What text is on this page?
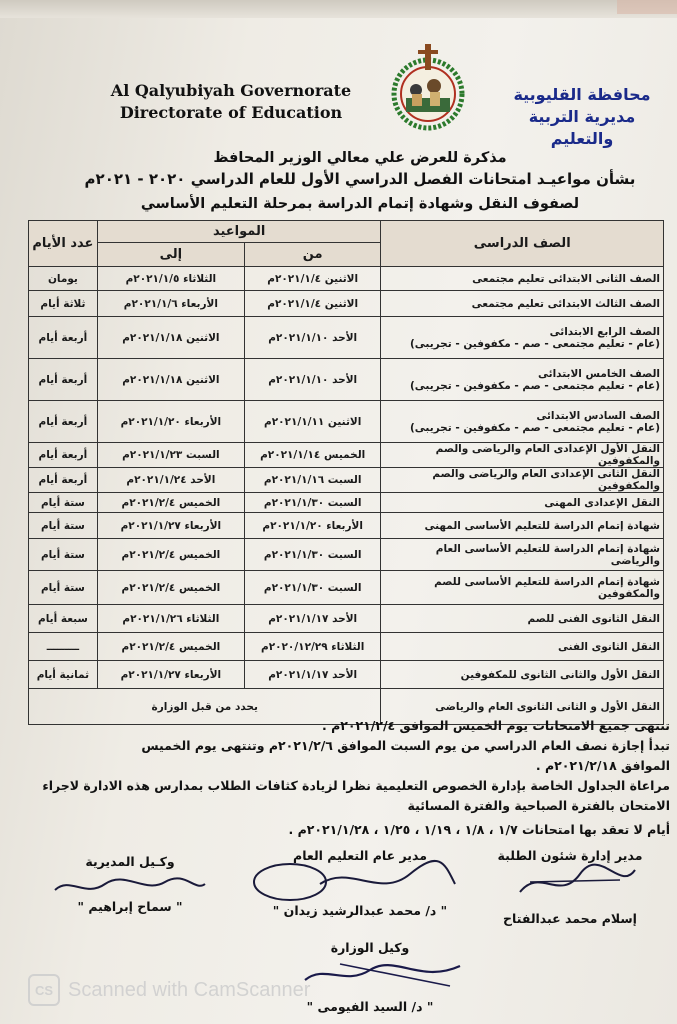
Al Qalyubiyah Governorate
Directorate of Education
محافظة القليوبية
مديرية التربية والتعليم
مذكرة للعرض علي معالي الوزير المحافظ
بشأن مواعيـد امتحانات الفصل الدراسي الأول للعام الدراسي ٢٠٢٠ - ٢٠٢١م
لصفوف النقل وشهادة إتمام الدراسة بمرحلة التعليم الأساسي
الصف الدراسى	المواعيد		عدد الأيام
	من	إلى	
الصف الثانى الابتدائى تعليم مجتمعى	الاثنين ٢٠٢١/١/٤م	الثلاثاء ٢٠٢١/١/٥م	يومان
الصف الثالث الابتدائى تعليم مجتمعى	الاثنين ٢٠٢١/١/٤م	الأربعاء ٢٠٢١/١/٦م	ثلاثة أيام

الصف الرابع الابتدائى
(عام - تعليم مجتمعى - صم - مكفوفين - تجريبى)	الأحد ٢٠٢١/١/١٠م	الاثنين ٢٠٢١/١/١٨م	أربعة أيام

الصف الخامس الابتدائى
(عام - تعليم مجتمعى - صم - مكفوفين - تجريبى)	الأحد ٢٠٢١/١/١٠م	الاثنين ٢٠٢١/١/١٨م	أربعة أيام

الصف السادس الابتدائى
(عام - تعليم مجتمعى - صم - مكفوفين - تجريبى)	الاثنين ٢٠٢١/١/١١م	الأربعاء ٢٠٢١/١/٢٠م	أربعة أيام
النقل الأول الإعدادى العام والرياضى والصم والمكفوفين	الخميس ٢٠٢١/١/١٤م	السبت ٢٠٢١/١/٢٣م	أربعة أيام
النقل الثانى الإعدادى العام والرياضى والصم والمكفوفين	السبت ٢٠٢١/١/١٦م	الأحد ٢٠٢١/١/٢٤م	أربعة أيام
النقل الإعدادى المهنى	السبت ٢٠٢١/١/٣٠م	الخميس ٢٠٢١/٢/٤م	ستة أيام
شهادة إتمام الدراسة للتعليم الأساسى المهنى	الأربعاء ٢٠٢١/١/٢٠م	الأربعاء ٢٠٢١/١/٢٧م	ستة أيام
شهادة إتمام الدراسة للتعليم الأساسى العام والرياضى	السبت ٢٠٢١/١/٣٠م	الخميس ٢٠٢١/٢/٤م	ستة أيام
شهادة إتمام الدراسة للتعليم الأساسى للصم والمكفوفين	السبت ٢٠٢١/١/٣٠م	الخميس ٢٠٢١/٢/٤م	ستة أيام
النقل الثانوى الفنى للصم	الأحد ٢٠٢١/١/١٧م	الثلاثاء ٢٠٢١/١/٢٦م	سبعة أيام
النقل الثانوى الفنى	الثلاثاء ٢٠٢٠/١٢/٢٩م	الخميس ٢٠٢١/٢/٤م	ـــــــــ
النقل الأول والثانى الثانوى للمكفوفين	الأحد ٢٠٢١/١/١٧م	الأربعاء ٢٠٢١/١/٢٧م	ثمانية أيام
النقل الأول و الثانى الثانوى العام والرياضى	يحدد من قبل الوزارة		

تنتهى جميع الامتحانات يوم الخميس الموافق ٢٠٢١/٢/٤م .

تبدأ إجازة نصف العام الدراسي من يوم السبت الموافق ٢٠٢١/٢/٦م وتنتهى يوم الخميس

الموافق ٢٠٢١/٢/١٨م .

مراعاة الجداول الخاصة بإدارة الخصوص التعليمية نظرا لزيادة كثافات الطلاب بمدارس هذه الادارة لاجراء

الامتحان بالفترة الصباحية والفترة المسائية

أيام لا تعقد بها امتحانات ١/٧ ، ١/٨ ، ١/١٩ ، ١/٢٥ ، ٢٠٢١/١/٢٨م .

مدير إدارة شئون الطلبة
إسلام محمد عبدالفتاح
مدير عام التعليم العام
" د/ محمد عبدالرشيد زيدان "
وكـيل المديرية
" سماح إبراهيم "
وكيل الوزارة
" د/ السيد الفيومى "
CS Scanned with CamScanner
